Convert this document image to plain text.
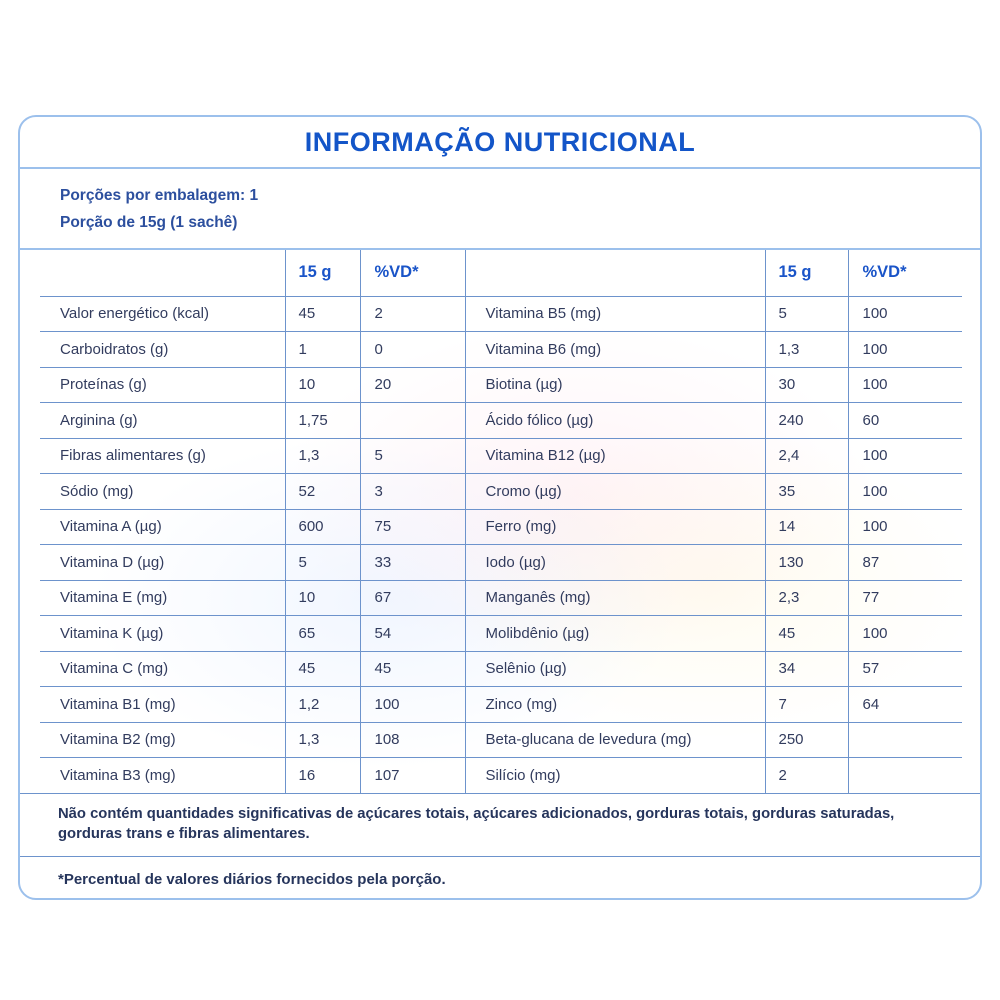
INFORMAÇÃO NUTRICIONAL
Porções por embalagem: 1
Porção de 15g (1 sachê)
	15 g	%VD*		15 g	%VD*
Valor energético (kcal)	45	2	Vitamina B5 (mg)	5	100
Carboidratos (g)	1	0	Vitamina B6 (mg)	1,3	100
Proteínas (g)	10	20	Biotina (µg)	30	100
Arginina (g)	1,75		Ácido fólico (µg)	240	60
Fibras alimentares (g)	1,3	5	Vitamina B12 (µg)	2,4	100
Sódio (mg)	52	3	Cromo (µg)	35	100
Vitamina A (µg)	600	75	Ferro (mg)	14	100
Vitamina D (µg)	5	33	Iodo (µg)	130	87
Vitamina E (mg)	10	67	Manganês (mg)	2,3	77
Vitamina K (µg)	65	54	Molibdênio (µg)	45	100
Vitamina C (mg)	45	45	Selênio (µg)	34	57
Vitamina B1 (mg)	1,2	100	Zinco (mg)	7	64
Vitamina B2 (mg)	1,3	108	Beta-glucana de levedura (mg)	250	
Vitamina B3 (mg)	16	107	Silício (mg)	2	

Não contém quantidades significativas de açúcares totais, açúcares adicionados, gorduras totais, gorduras saturadas, gorduras trans e fibras alimentares.

*Percentual de valores diários fornecidos pela porção.
